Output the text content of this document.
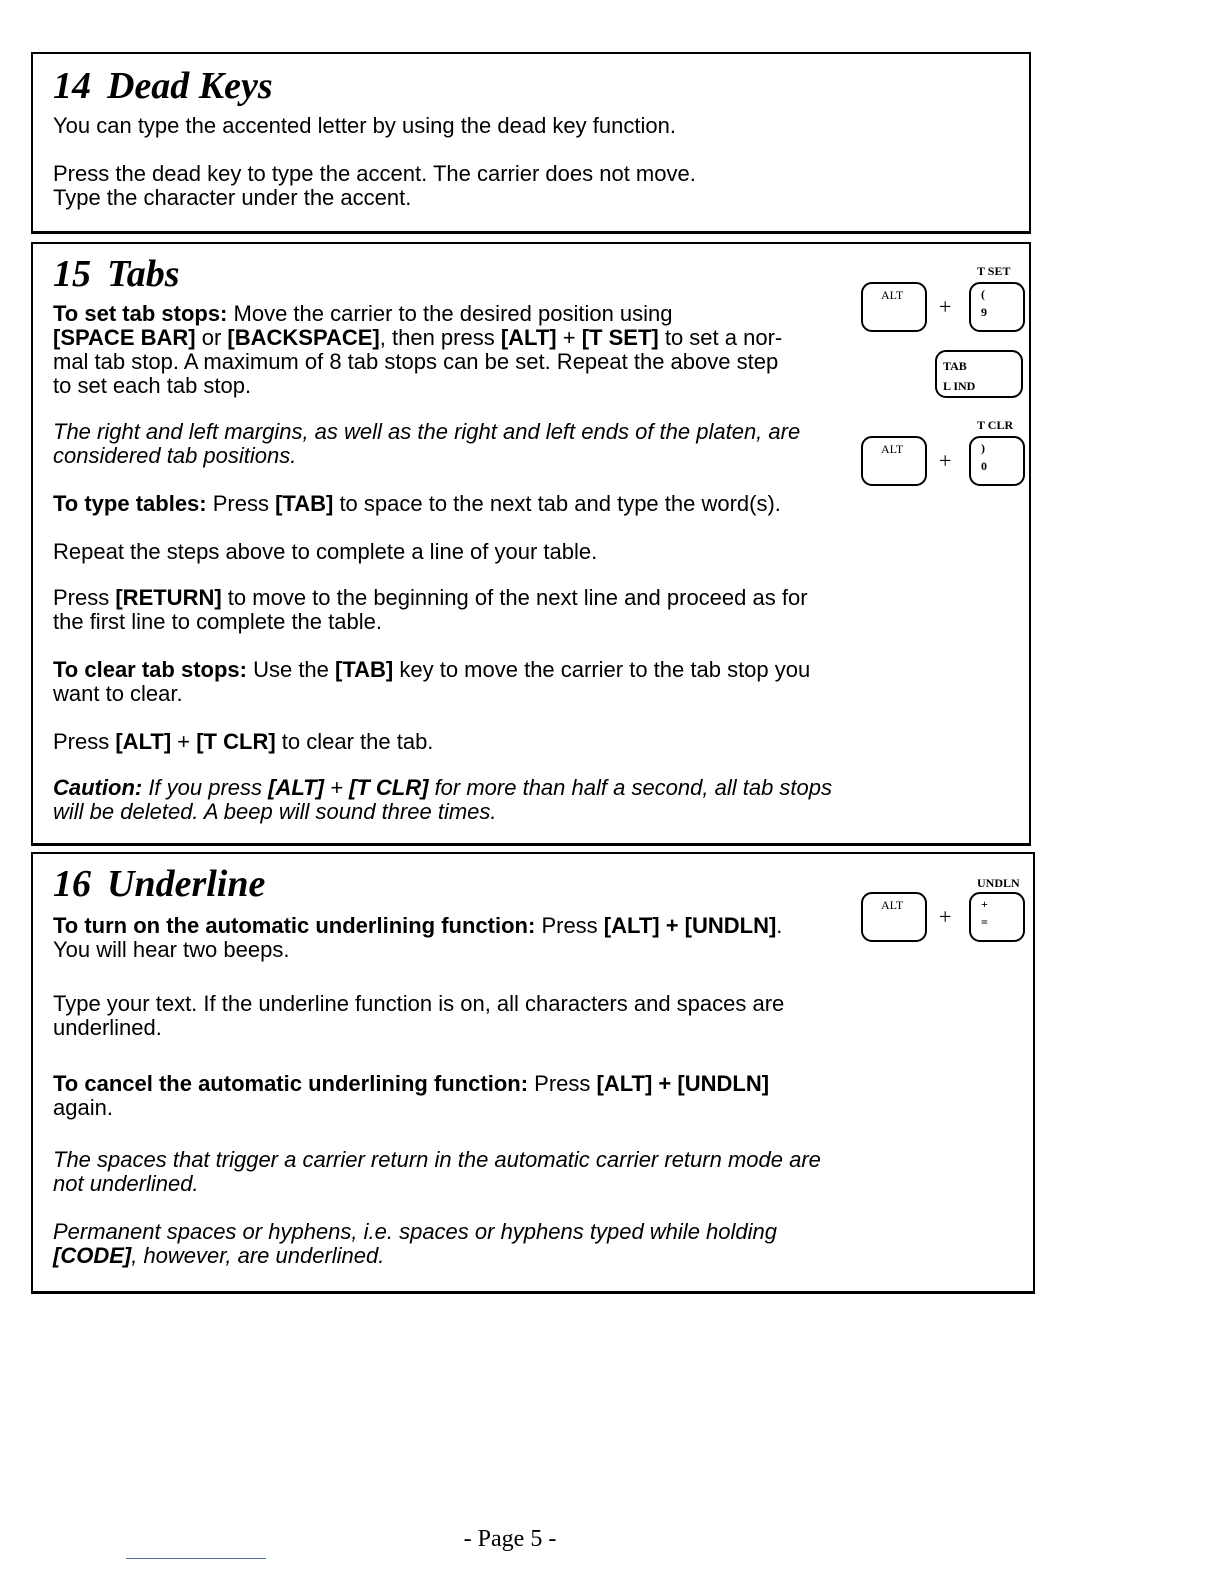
14 Dead Keys

You can type the accented letter by using the dead key function.

Press the dead key to type the accent. The carrier does not move.

Type the character under the accent.

15 Tabs

To set tab stops: Move the carrier to the desired position using
[SPACE BAR] or [BACKSPACE], then press [ALT] + [T SET] to set a nor-
mal tab stop. A maximum of 8 tab stops can be set. Repeat the above step
to set each tab stop.

The right and left margins, as well as the right and left ends of the platen, are considered tab positions.

To type tables: Press [TAB] to space to the next tab and type the word(s).

Repeat the steps above to complete a line of your table.

Press [RETURN] to move to the beginning of the next line and proceed as for the first line to complete the table.

To clear tab stops: Use the [TAB] key to move the carrier to the tab stop you want to clear.

Press [ALT] + [T CLR] to clear the tab.

Caution: If you press [ALT] + [T CLR] for more than half a second, all tab stops will be deleted. A beep will sound three times.

T SET
ALT + (
9
TAB
L IND
T CLR
ALT + )
0
16 Underline

To turn on the automatic underlining function: Press [ALT] + [UNDLN].
You will hear two beeps.

Type your text. If the underline function is on, all characters and spaces are underlined.

To cancel the automatic underlining function: Press [ALT] + [UNDLN]
again.

The spaces that trigger a carrier return in the automatic carrier return mode are not underlined.

Permanent spaces or hyphens, i.e. spaces or hyphens typed while holding [CODE], however, are underlined.

UNDLN
ALT + +
=
- Page 5 -
